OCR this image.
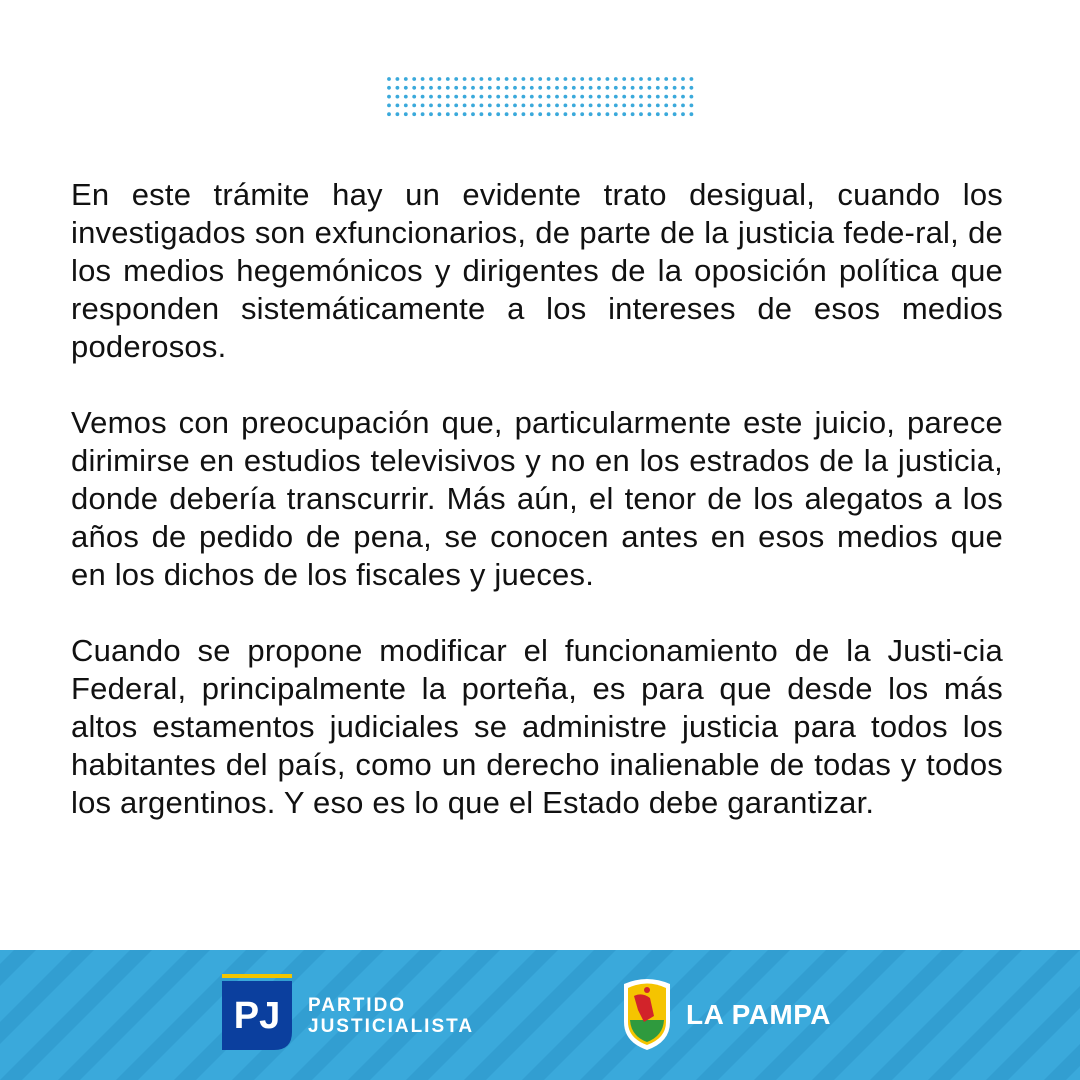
En este trámite hay un evidente trato desigual, cuando los investigados son exfuncionarios, de parte de la justicia fede-ral, de los medios hegemónicos y dirigentes de la oposición política que responden sistemáticamente a los intereses de esos medios poderosos.

Vemos con preocupación que, particularmente este juicio, parece dirimirse en estudios televisivos y no en los estrados de la justicia, donde debería transcurrir. Más aún, el tenor de los alegatos a los años de pedido de pena, se conocen antes en esos medios que en los dichos de los fiscales y jueces.

Cuando se propone modificar el funcionamiento de la Justi-cia Federal, principalmente la porteña, es para que desde los más altos estamentos judiciales se administre justicia para todos los habitantes del país, como un derecho inalienable de todas y todos los argentinos. Y eso es lo que el Estado debe garantizar.

PJ PARTIDO
JUSTICIALISTA	LA PAMPA
